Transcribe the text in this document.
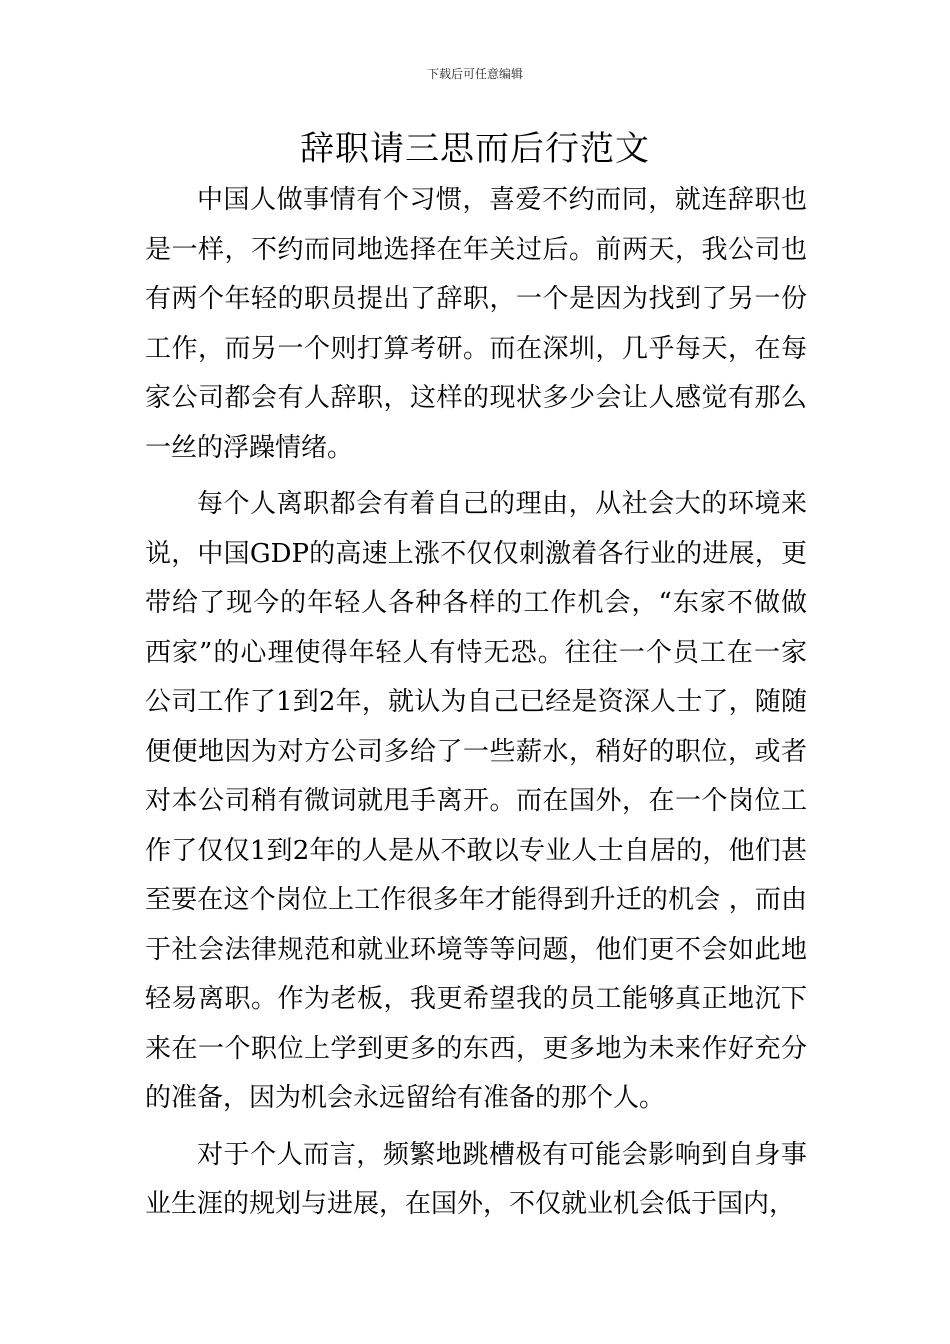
下载后可任意编辑
辞职请三思而后行范文

中国人做事情有个习惯，喜爱不约而同，就连辞职也是一样，不约而同地选择在年关过后。前两天，我公司也有两个年轻的职员提出了辞职，一个是因为找到了另一份工作，而另一个则打算考研。而在深圳，几乎每天，在每家公司都会有人辞职，这样的现状多少会让人感觉有那么一丝的浮躁情绪。

每个人离职都会有着自己的理由，从社会大的环境来说，中国GDP的高速上涨不仅仅刺激着各行业的进展，更带给了现今的年轻人各种各样的工作机会，“东家不做做西家”的心理使得年轻人有恃无恐。往往一个员工在一家公司工作了1到2年，就认为自己已经是资深人士了，随随便便地因为对方公司多给了一些薪水，稍好的职位，或者对本公司稍有微词就甩手离开。而在国外，在一个岗位工作了仅仅1到2年的人是从不敢以专业人士自居的，他们甚至要在这个岗位上工作很多年才能得到升迁的机会 ，而由于社会法律规范和就业环境等等问题，他们更不会如此地轻易离职。作为老板，我更希望我的员工能够真正地沉下来在一个职位上学到更多的东西，更多地为未来作好充分的准备，因为机会永远留给有准备的那个人。

对于个人而言，频繁地跳槽极有可能会影响到自身事业生涯的规划与进展，在国外，不仅就业机会低于国内，
